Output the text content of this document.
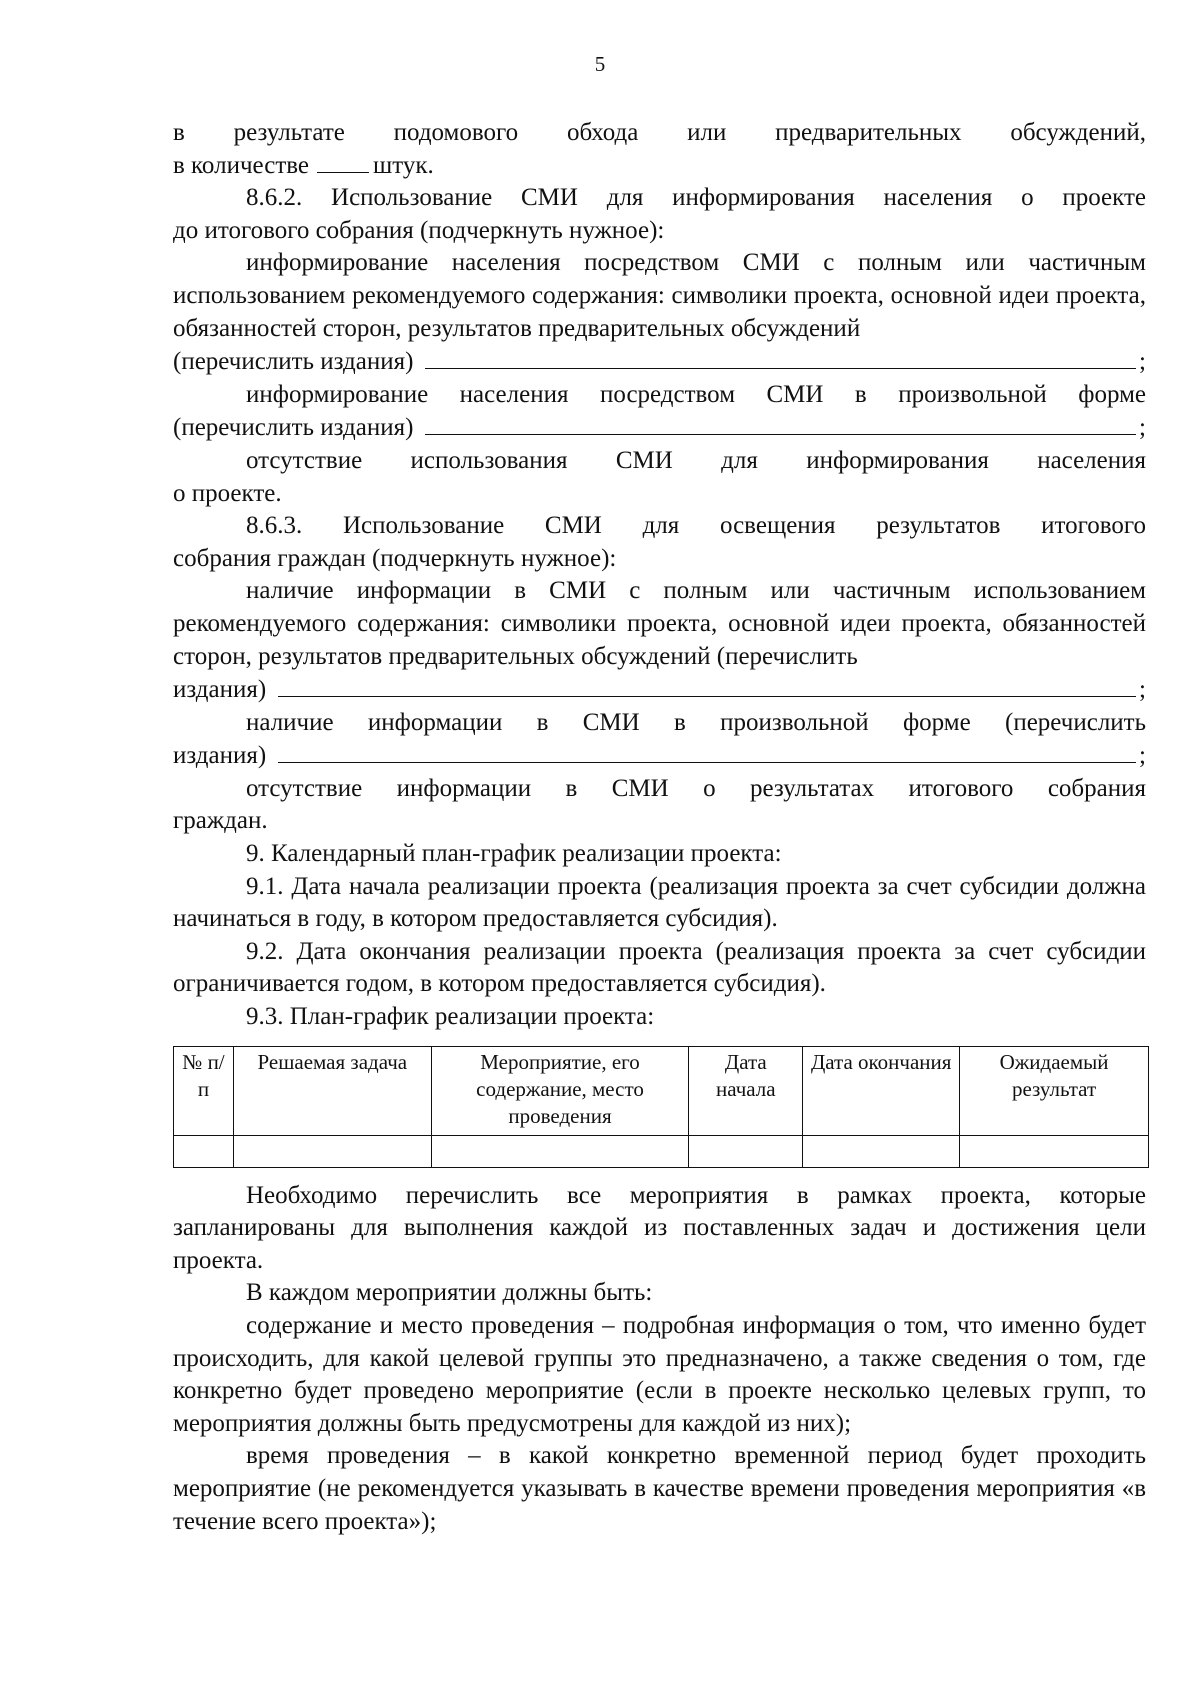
5
в результате подомового обхода или предварительных обсуждений,
в количестве	штук.
8.6.2. Использование СМИ для информирования населения о проекте
до итогового собрания (подчеркнуть нужное):

информирование населения посредством СМИ с полным или частичным использованием рекомендуемого содержания: символики проекта, основной идеи проекта, обязанностей сторон, результатов предварительных обсуждений

(перечислить издания)	;
информирование населения посредством СМИ в произвольной форме
(перечислить издания)	;
отсутствие использования СМИ для информирования населения
о проекте.
8.6.3. Использование СМИ для освещения результатов итогового
собрания граждан (подчеркнуть нужное):

наличие информации в СМИ с полным или частичным использованием рекомендуемого содержания: символики проекта, основной идеи проекта, обязанностей сторон, результатов предварительных обсуждений (перечислить

издания)	;
наличие информации в СМИ в произвольной форме (перечислить
издания)	;
отсутствие информации в СМИ о результатах итогового собрания
граждан.

9. Календарный план-график реализации проекта:

9.1. Дата начала реализации проекта (реализация проекта за счет субсидии должна начинаться в году, в котором предоставляется субсидия).

9.2. Дата окончания реализации проекта (реализация проекта за счет субсидии ограничивается годом, в котором предоставляется субсидия).

9.3. План-график реализации проекта:

№ п/п	Решаемая задача	Мероприятие, его содержание, место проведения	Дата начала	Дата окончания	Ожидаемый результат

Необходимо перечислить все мероприятия в рамках проекта, которые запланированы для выполнения каждой из поставленных задач и достижения цели проекта.

В каждом мероприятии должны быть:

содержание и место проведения – подробная информация о том, что именно будет происходить, для какой целевой группы это предназначено, а также сведения о том, где конкретно будет проведено мероприятие (если в проекте несколько целевых групп, то мероприятия должны быть предусмотрены для каждой из них);

время проведения – в какой конкретно временной период будет проходить мероприятие (не рекомендуется указывать в качестве времени проведения мероприятия «в течение всего проекта»);
